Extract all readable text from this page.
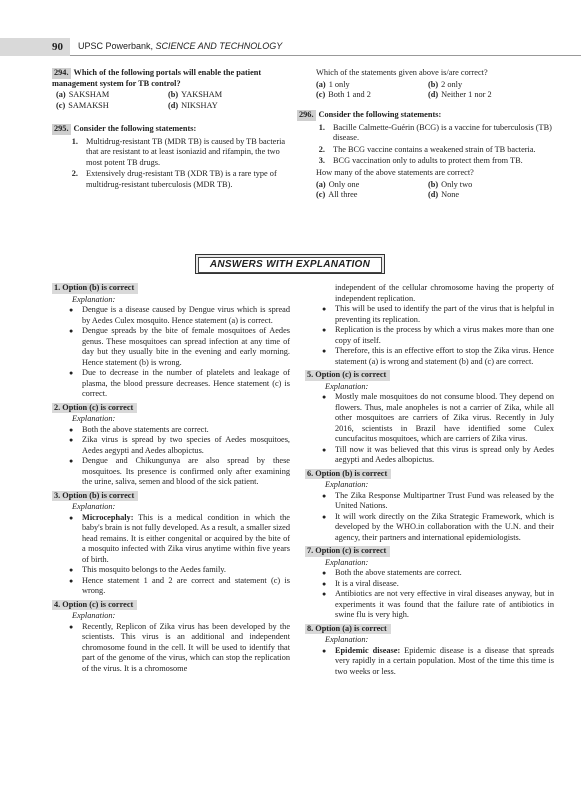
90	UPSC Powerbank, SCIENCE AND TECHNOLOGY
294. Which of the following portals will enable the patient management system for TB control?
(a) SAKSHAM	(b) YAKSHAM
(c) SAMAKSH	(d) NIKSHAY
295. Consider the following statements:
1. Multidrug-resistant TB (MDR TB) is caused by TB bacteria that are resistant to at least isoniazid and rifampin, the two most potent TB drugs.
2. Extensively drug-resistant TB (XDR TB) is a rare type of multidrug-resistant tuberculosis (MDR TB).
Which of the statements given above is/are correct?
(a) 1 only	(b) 2 only
(c) Both 1 and 2	(d) Neither 1 nor 2
296. Consider the following statements:
1. Bacille Calmette-Guérin (BCG) is a vaccine for tuberculosis (TB) disease.
2. The BCG vaccine contains a weakened strain of TB bacteria.
3. BCG vaccination only to adults to protect them from TB.
How many of the above statements are correct?
(a) Only one	(b) Only two
(c) All three	(d) None
ANSWERS WITH EXPLANATION
1. Option (b) is correct
Explanation:
● Dengue is a disease caused by Dengue virus which is spread by Aedes Culex mosquito. Hence statement (a) is correct.
● Dengue spreads by the bite of female mosquitoes of Aedes genus. These mosquitoes can spread infection at any time of day but they usually bite in the evening and early morning. Hence statement (b) is wrong.
● Due to decrease in the number of platelets and leakage of plasma, the blood pressure decreases. Hence statement (c) is correct.
2. Option (c) is correct
Explanation:
● Both the above statements are correct.
● Zika virus is spread by two species of Aedes mosquitoes, Aedes aegypti and Aedes albopictus.
● Dengue and Chikungunya are also spread by these mosquitoes. Its presence is confirmed only after examining the urine, saliva, semen and blood of the sick patient.
3. Option (b) is correct
Explanation:
● Microcephaly: This is a medical condition in which the baby's brain is not fully developed. As a result, a smaller sized head remains. It is either congenital or acquired by the bite of a mosquito infected with Zika virus anytime within five years of birth.
● This mosquito belongs to the Aedes family.
● Hence statement 1 and 2 are correct and statement (c) is wrong.
4. Option (c) is correct
Explanation:
● Recently, Replicon of Zika virus has been developed by the scientists. This virus is an additional and independent chromosome found in the cell. It will be used to identify that part of the genome of the virus, which can stop the replication of the virus. It is a chromosome
independent of the cellular chromosome having the property of independent replication.
● This will be used to identify the part of the virus that is helpful in preventing its replication.
● Replication is the process by which a virus makes more than one copy of itself.
● Therefore, this is an effective effort to stop the Zika virus. Hence statement (a) is wrong and statement (b) and (c) are correct.
5. Option (c) is correct
Explanation:
● Mostly male mosquitoes do not consume blood. They depend on flowers. Thus, male anopheles is not a carrier of Zika, while all other mosquitoes are carriers of Zika virus. Recently in July 2016, scientists in Brazil have identified some Culex cuncufacitus mosquitoes, which are carriers of Zika virus.
● Till now it was believed that this virus is spread only by Aedes aegypti and Aedes albopictus.
6. Option (b) is correct
Explanation:
● The Zika Response Multipartner Trust Fund was released by the United Nations.
● It will work directly on the Zika Strategic Framework, which is developed by the WHO.in collaboration with the U.N. and their agency, their partners and international epidemiologists.
7. Option (c) is correct
Explanation:
● Both the above statements are correct.
● It is a viral disease.
● Antibiotics are not very effective in viral diseases anyway, but in experiments it was found that the failure rate of antibiotics in swine flu is very high.
8. Option (a) is correct
Explanation:
● Epidemic disease: Epidemic disease is a disease that spreads very rapidly in a certain population. Most of the time this time is two weeks or less.
